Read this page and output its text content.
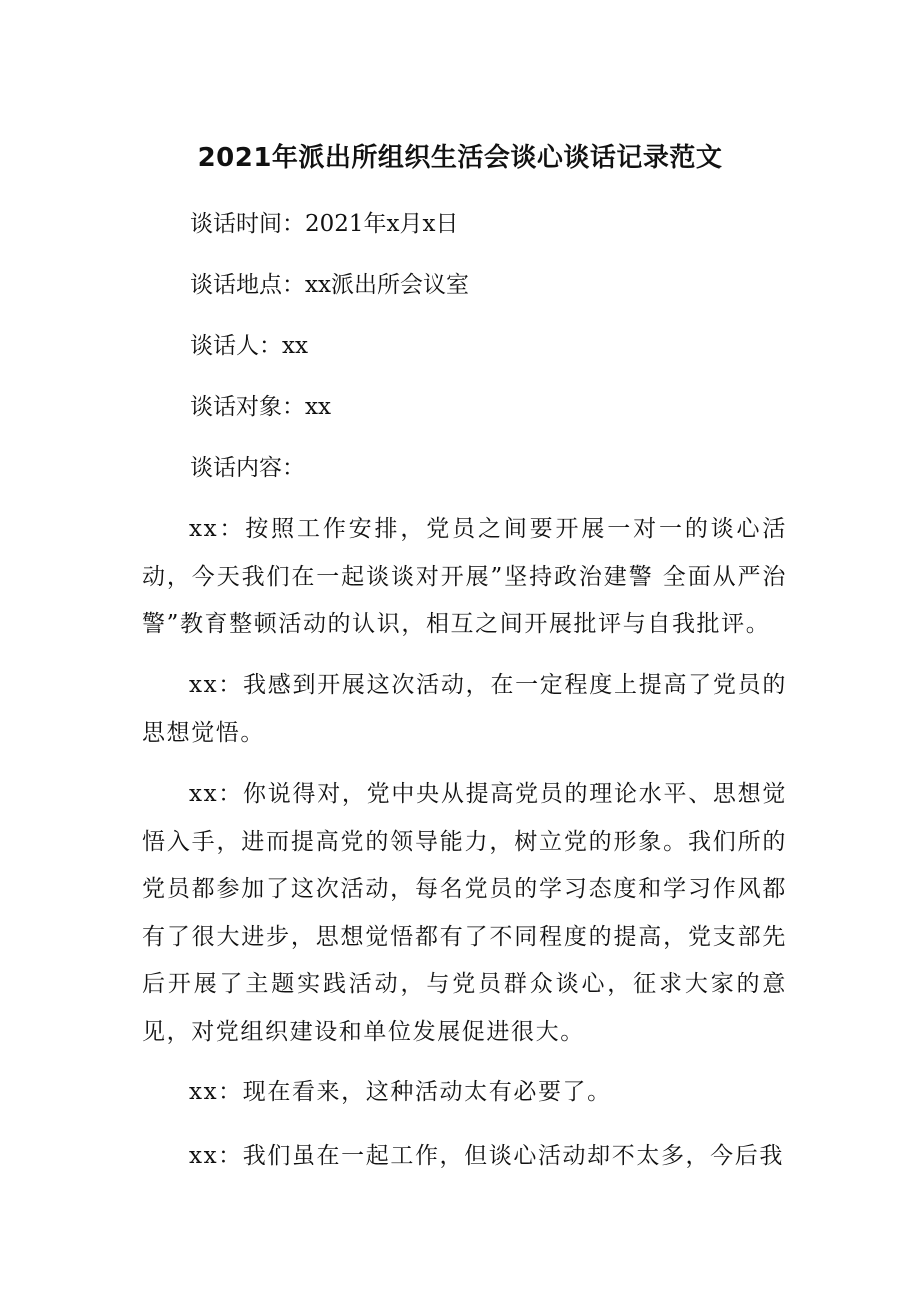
2021年派出所组织生活会谈心谈话记录范文
谈话时间：2021年x月x日
谈话地点：xx派出所会议室
谈话人：xx
谈话对象：xx
谈话内容：
xx：按照工作安排，党员之间要开展一对一的谈心活动，今天我们在一起谈谈对开展”坚持政治建警 全面从严治警”教育整顿活动的认识，相互之间开展批评与自我批评。
xx：我感到开展这次活动，在一定程度上提高了党员的思想觉悟。
xx：你说得对，党中央从提高党员的理论水平、思想觉悟入手，进而提高党的领导能力，树立党的形象。我们所的党员都参加了这次活动，每名党员的学习态度和学习作风都有了很大进步，思想觉悟都有了不同程度的提高，党支部先后开展了主题实践活动，与党员群众谈心，征求大家的意见，对党组织建设和单位发展促进很大。
xx：现在看来，这种活动太有必要了。
xx：我们虽在一起工作，但谈心活动却不太多，今后我
